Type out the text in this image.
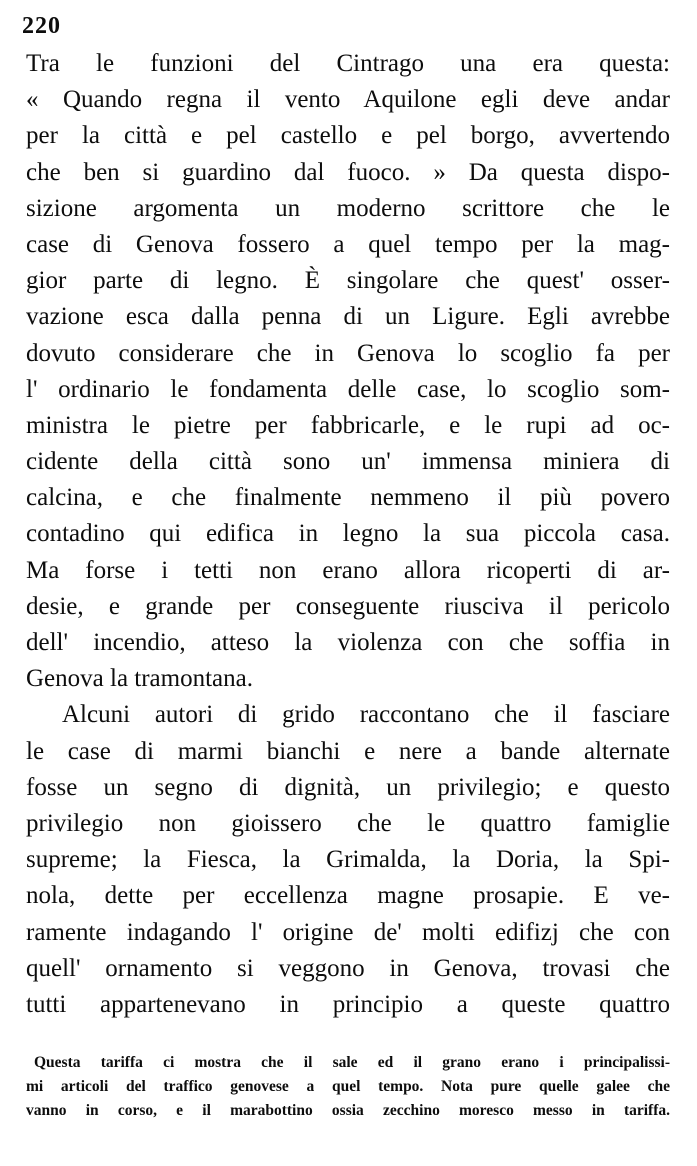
220
Tra le funzioni del Cintrago una era questa:
« Quando regna il vento Aquilone egli deve andar
per la città e pel castello e pel borgo, avvertendo
che ben si guardino dal fuoco. » Da questa dispo-
sizione argomenta un moderno scrittore che le
case di Genova fossero a quel tempo per la mag-
gior parte di legno. È singolare che quest' osser-
vazione esca dalla penna di un Ligure. Egli avrebbe
dovuto considerare che in Genova lo scoglio fa per
l' ordinario le fondamenta delle case, lo scoglio som-
ministra le pietre per fabbricarle, e le rupi ad oc-
cidente della città sono un' immensa miniera di
calcina, e che finalmente nemmeno il più povero
contadino qui edifica in legno la sua piccola casa.
Ma forse i tetti non erano allora ricoperti di ar-
desie, e grande per conseguente riusciva il pericolo
dell' incendio, atteso la violenza con che soffia in
Genova la tramontana.
Alcuni autori di grido raccontano che il fasciare
le case di marmi bianchi e nere a bande alternate
fosse un segno di dignità, un privilegio; e questo
privilegio non gioissero che le quattro famiglie
supreme; la Fiesca, la Grimalda, la Doria, la Spi-
nola, dette per eccellenza magne prosapie. E ve-
ramente indagando l' origine de' molti edifizj che con
quell' ornamento si veggono in Genova, trovasi che
tutti appartenevano in principio a queste quattro
Questa tariffa ci mostra che il sale ed il grano erano i principalissi-
mi articoli del traffico genovese a quel tempo. Nota pure quelle galee che
vanno in corso, e il marabottino ossia zecchino moresco messo in tariffa.
